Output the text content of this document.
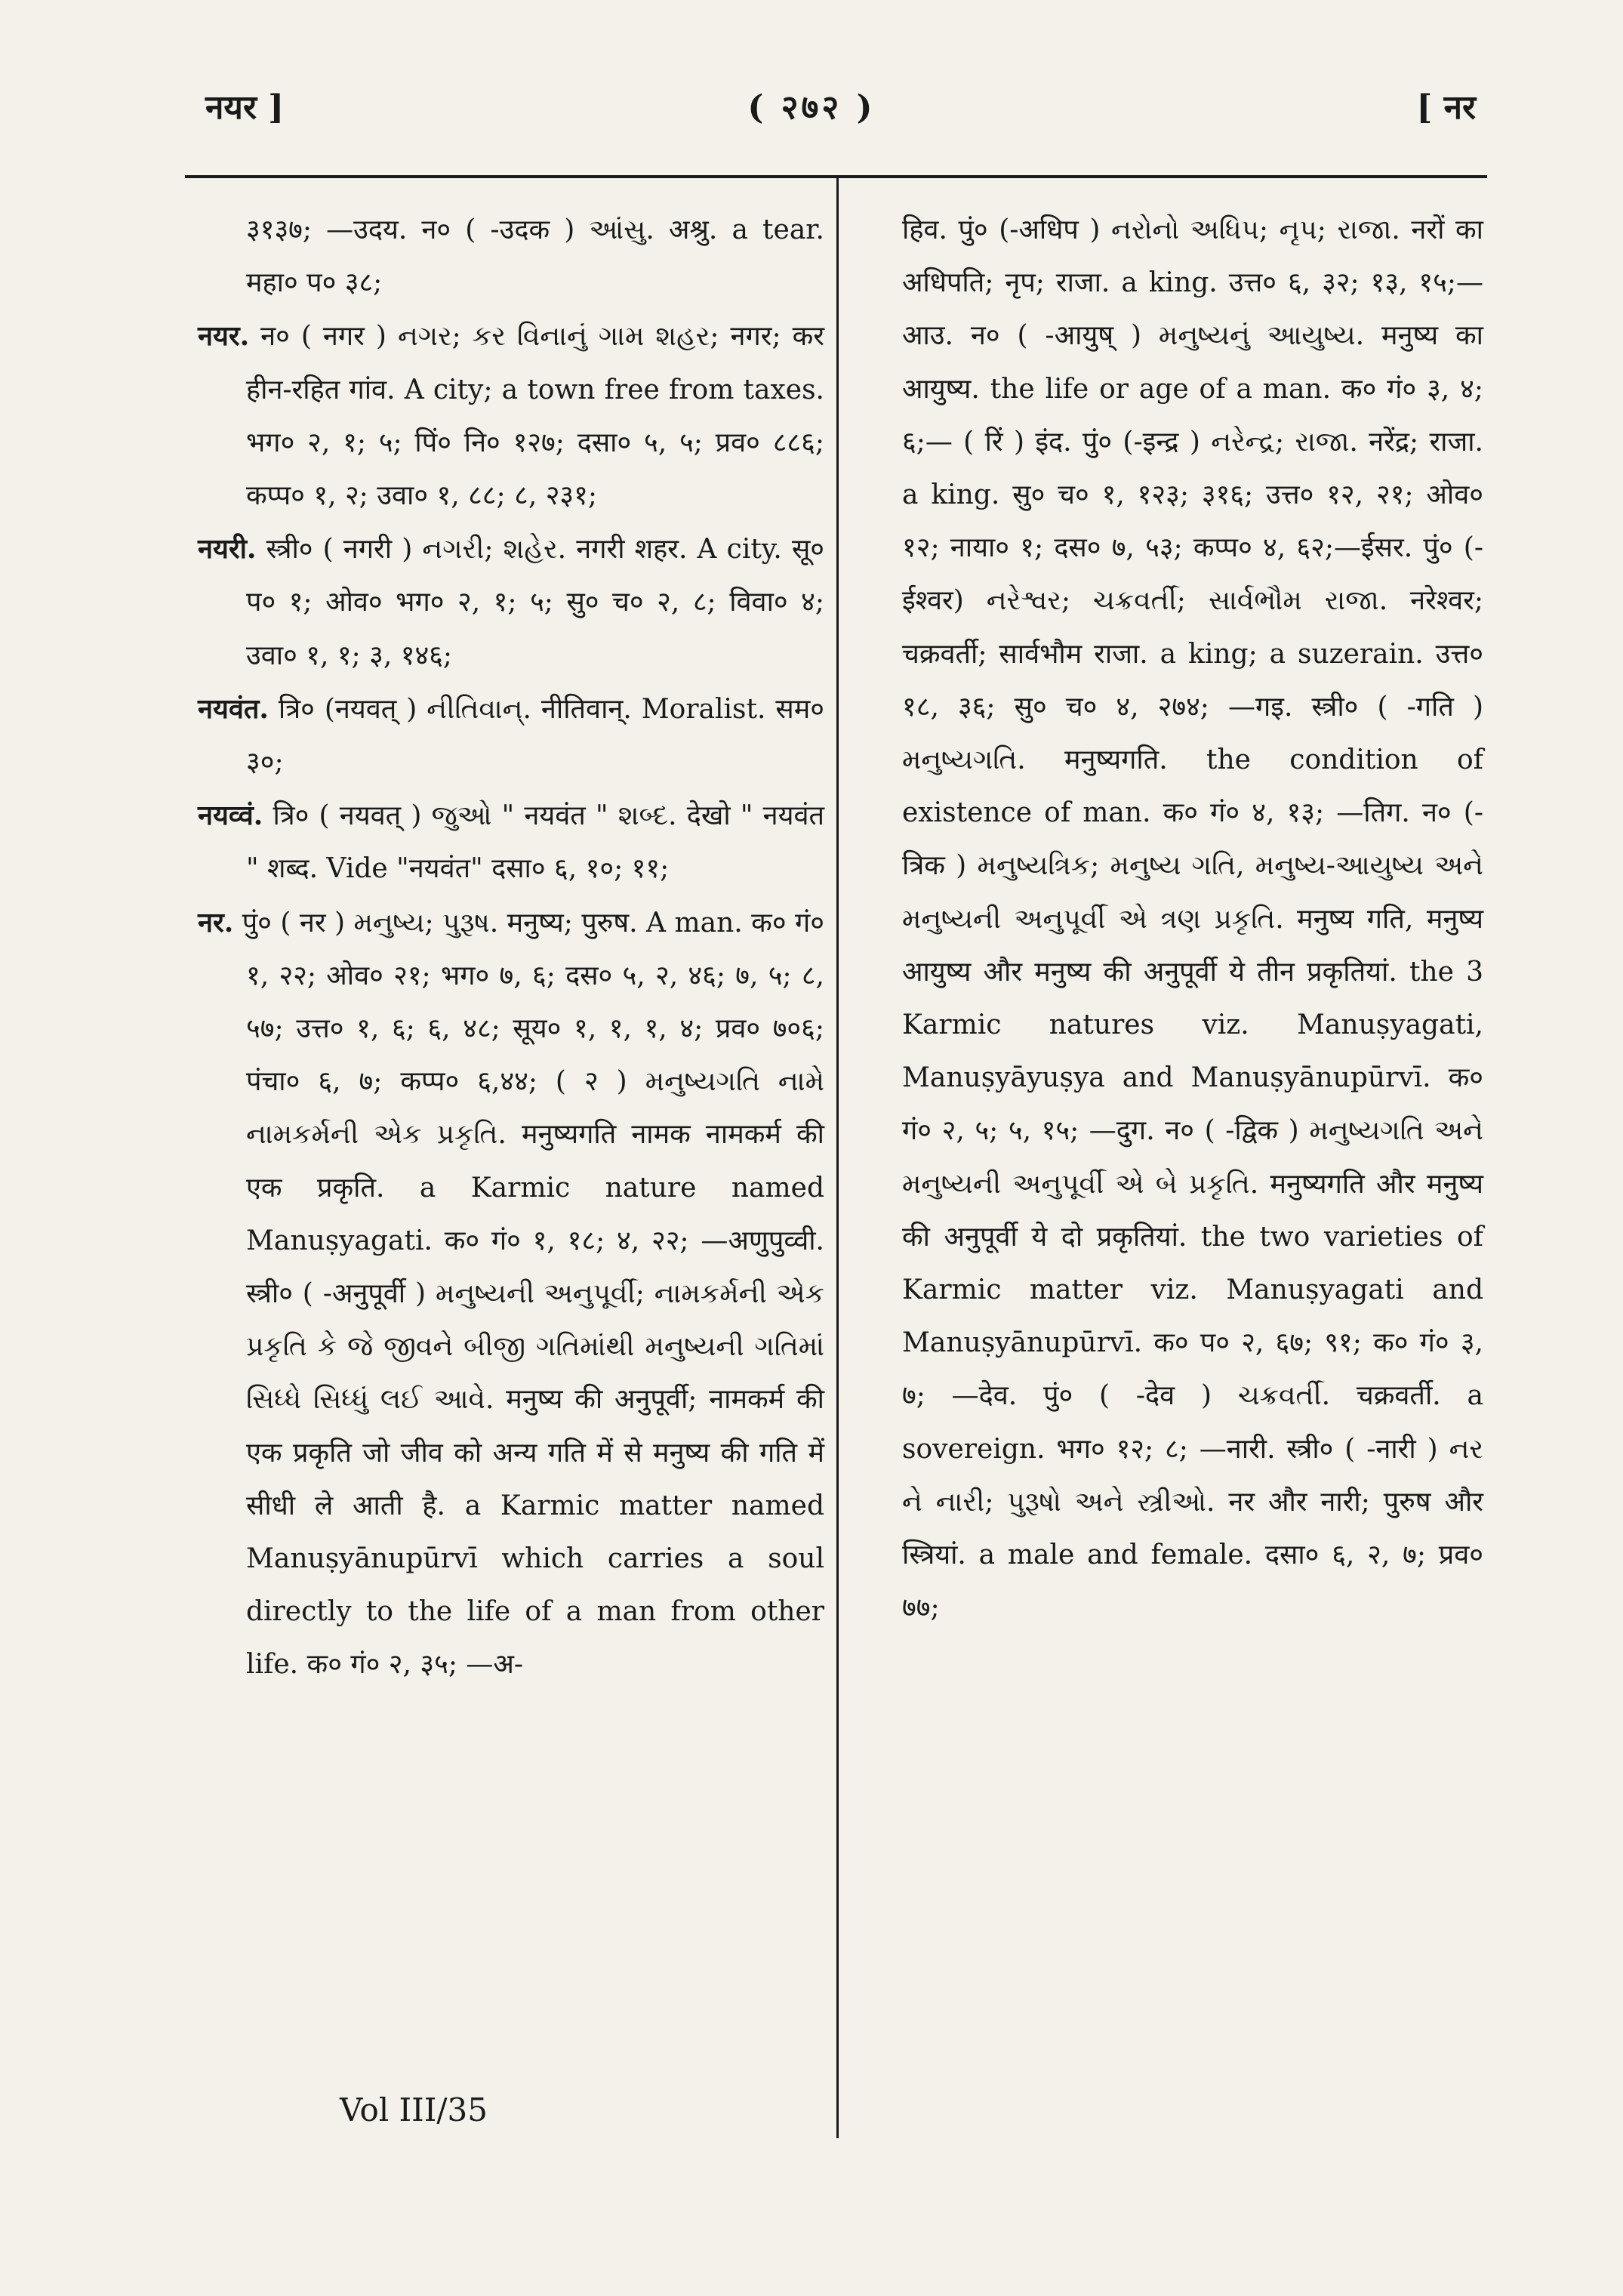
नयर ]	( २७२ )	[ नर

३१३७; —उदय. न० ( -उदक ) આંસુ. अश्रु. a tear. महा० प० ३८;

नयर. न० ( नगर ) નગર; કર વિનાનું ગામ શહર; नगर; कर हीन-रहित गांव. A city; a town free from taxes. भग० २, १; ५; पिं० नि० १२७; दसा० ५, ५; प्रव० ८८६; कप्प० १, २; उवा० १, ८८; ८, २३१;

नयरी. स्त्री० ( नगरी ) નગરી; શહેર. नगरी शहर. A city. सू० प० १; ओव० भग० २, १; ५; सु० च० २, ८; विवा० ४; उवा० १, १; ३, १४६;

नयवंत. त्रि० (नयवत् ) નીતિવાન્. नीतिवान्. Moralist. सम० ३०;

नयव्वं. त्रि० ( नयवत् ) જુઓ " नयवंत " શબ્દ. देखो " नयवंत " शब्द. Vide "नयवंत" दसा० ६, १०; ११;

नर. पुं० ( नर ) મનુષ્ય; પુરૂષ. मनुष्य; पुरुष. A man. क० गं० १, २२; ओव० २१; भग० ७, ६; दस० ५, २, ४६; ७, ५; ८, ५७; उत्त० १, ६; ६, ४८; सूय० १, १, १, ४; प्रव० ७०६; पंचा० ६, ७; कप्प० ६,४४; ( २ ) મનુષ્યગતિ નામે નામકર્મની એક પ્રકૃતિ. मनुष्यगति नामक नामकर्म की एक प्रकृति. a Karmic nature named Manuṣyagati. क० गं० १, १८; ४, २२; —अणुपुव्वी. स्त्री० ( -अनुपूर्वी ) મનુષ્યની અનુપૂર્વી; નામકર્મની એક પ્રકૃતિ કે જે જીવને બીજી ગતિમાંથી મનુષ્યની ગતિમાં સિધ્ધે સિધ્ધું લઈ આવે. मनुष्य की अनुपूर्वी; नामकर्म की एक प्रकृति जो जीव को अन्य गति में से मनुष्य की गति में सीधी ले आती है. a Karmic matter named Manuṣyānupūrvī which carries a soul directly to the life of a man from other life. क० गं० २, ३५; —अ-

हिव. पुं० (-अधिप ) નરોનો અધિપ; નૃપ; રાજા. नरों का अधिपति; नृप; राजा. a king. उत्त० ६, ३२; १३, १५;—आउ. न० ( -आयुष् ) મનુષ્યનું આયુષ્ય. मनुष्य का आयुष्य. the life or age of a man. क० गं० ३, ४; ६;— ( रिं ) इंद. पुं० (-इन्द्र ) નરેન્દ્ર; રાજા. नरेंद्र; राजा. a king. सु० च० १, १२३; ३१६; उत्त० १२, २१; ओव० १२; नाया० १; दस० ७, ५३; कप्प० ४, ६२;—ईसर. पुं० (-ईश्वर) નરેશ્વર; ચક્રવર્તી; સાર્વભૌમ રાજા. नरेश्वर; चक्रवर्ती; सार्वभौम राजा. a king; a suzerain. उत्त० १८, ३६; सु० च० ४, २७४; —गइ. स्त्री० ( -गति ) મનુષ્યગતિ. मनुष्यगति. the condition of existence of man. क० गं० ४, १३; —तिग. न० (-त्रिक ) મનુષ્યત્રિક; મનુષ્ય ગતિ, મનુષ્ય-આયુષ્ય અને મનુષ્યની અનુપૂર્વી એ ત્રણ પ્રકૃતિ. मनुष्य गति, मनुष्य आयुष्य और मनुष्य की अनुपूर्वी ये तीन प्रकृतियां. the 3 Karmic natures viz. Manuṣyagati, Manuṣyāyuṣya and Manuṣyānupūrvī. क० गं० २, ५; ५, १५; —दुग. न० ( -द्विक ) મનુષ્યગતિ અને મનુષ્યની અનુપૂર્વી એ બે પ્રકૃતિ. मनुष्यगति और मनुष्य की अनुपूर्वी ये दो प्रकृतियां. the two varieties of Karmic matter viz. Manuṣyagati and Manuṣyānupūrvī. क० प० २, ६७; ९१; क० गं० ३, ७; —देव. पुं० ( -देव ) ચક્રવર્તી. चक्रवर्ती. a sovereign. भग० १२; ८; —नारी. स्त्री० ( -नारी ) નર ને નારી; પુરૂષો અને સ્ત્રીઓ. नर और नारी; पुरुष और स्त्रियां. a male and female. दसा० ६, २, ७; प्रव० ७७;

Vol III/35
